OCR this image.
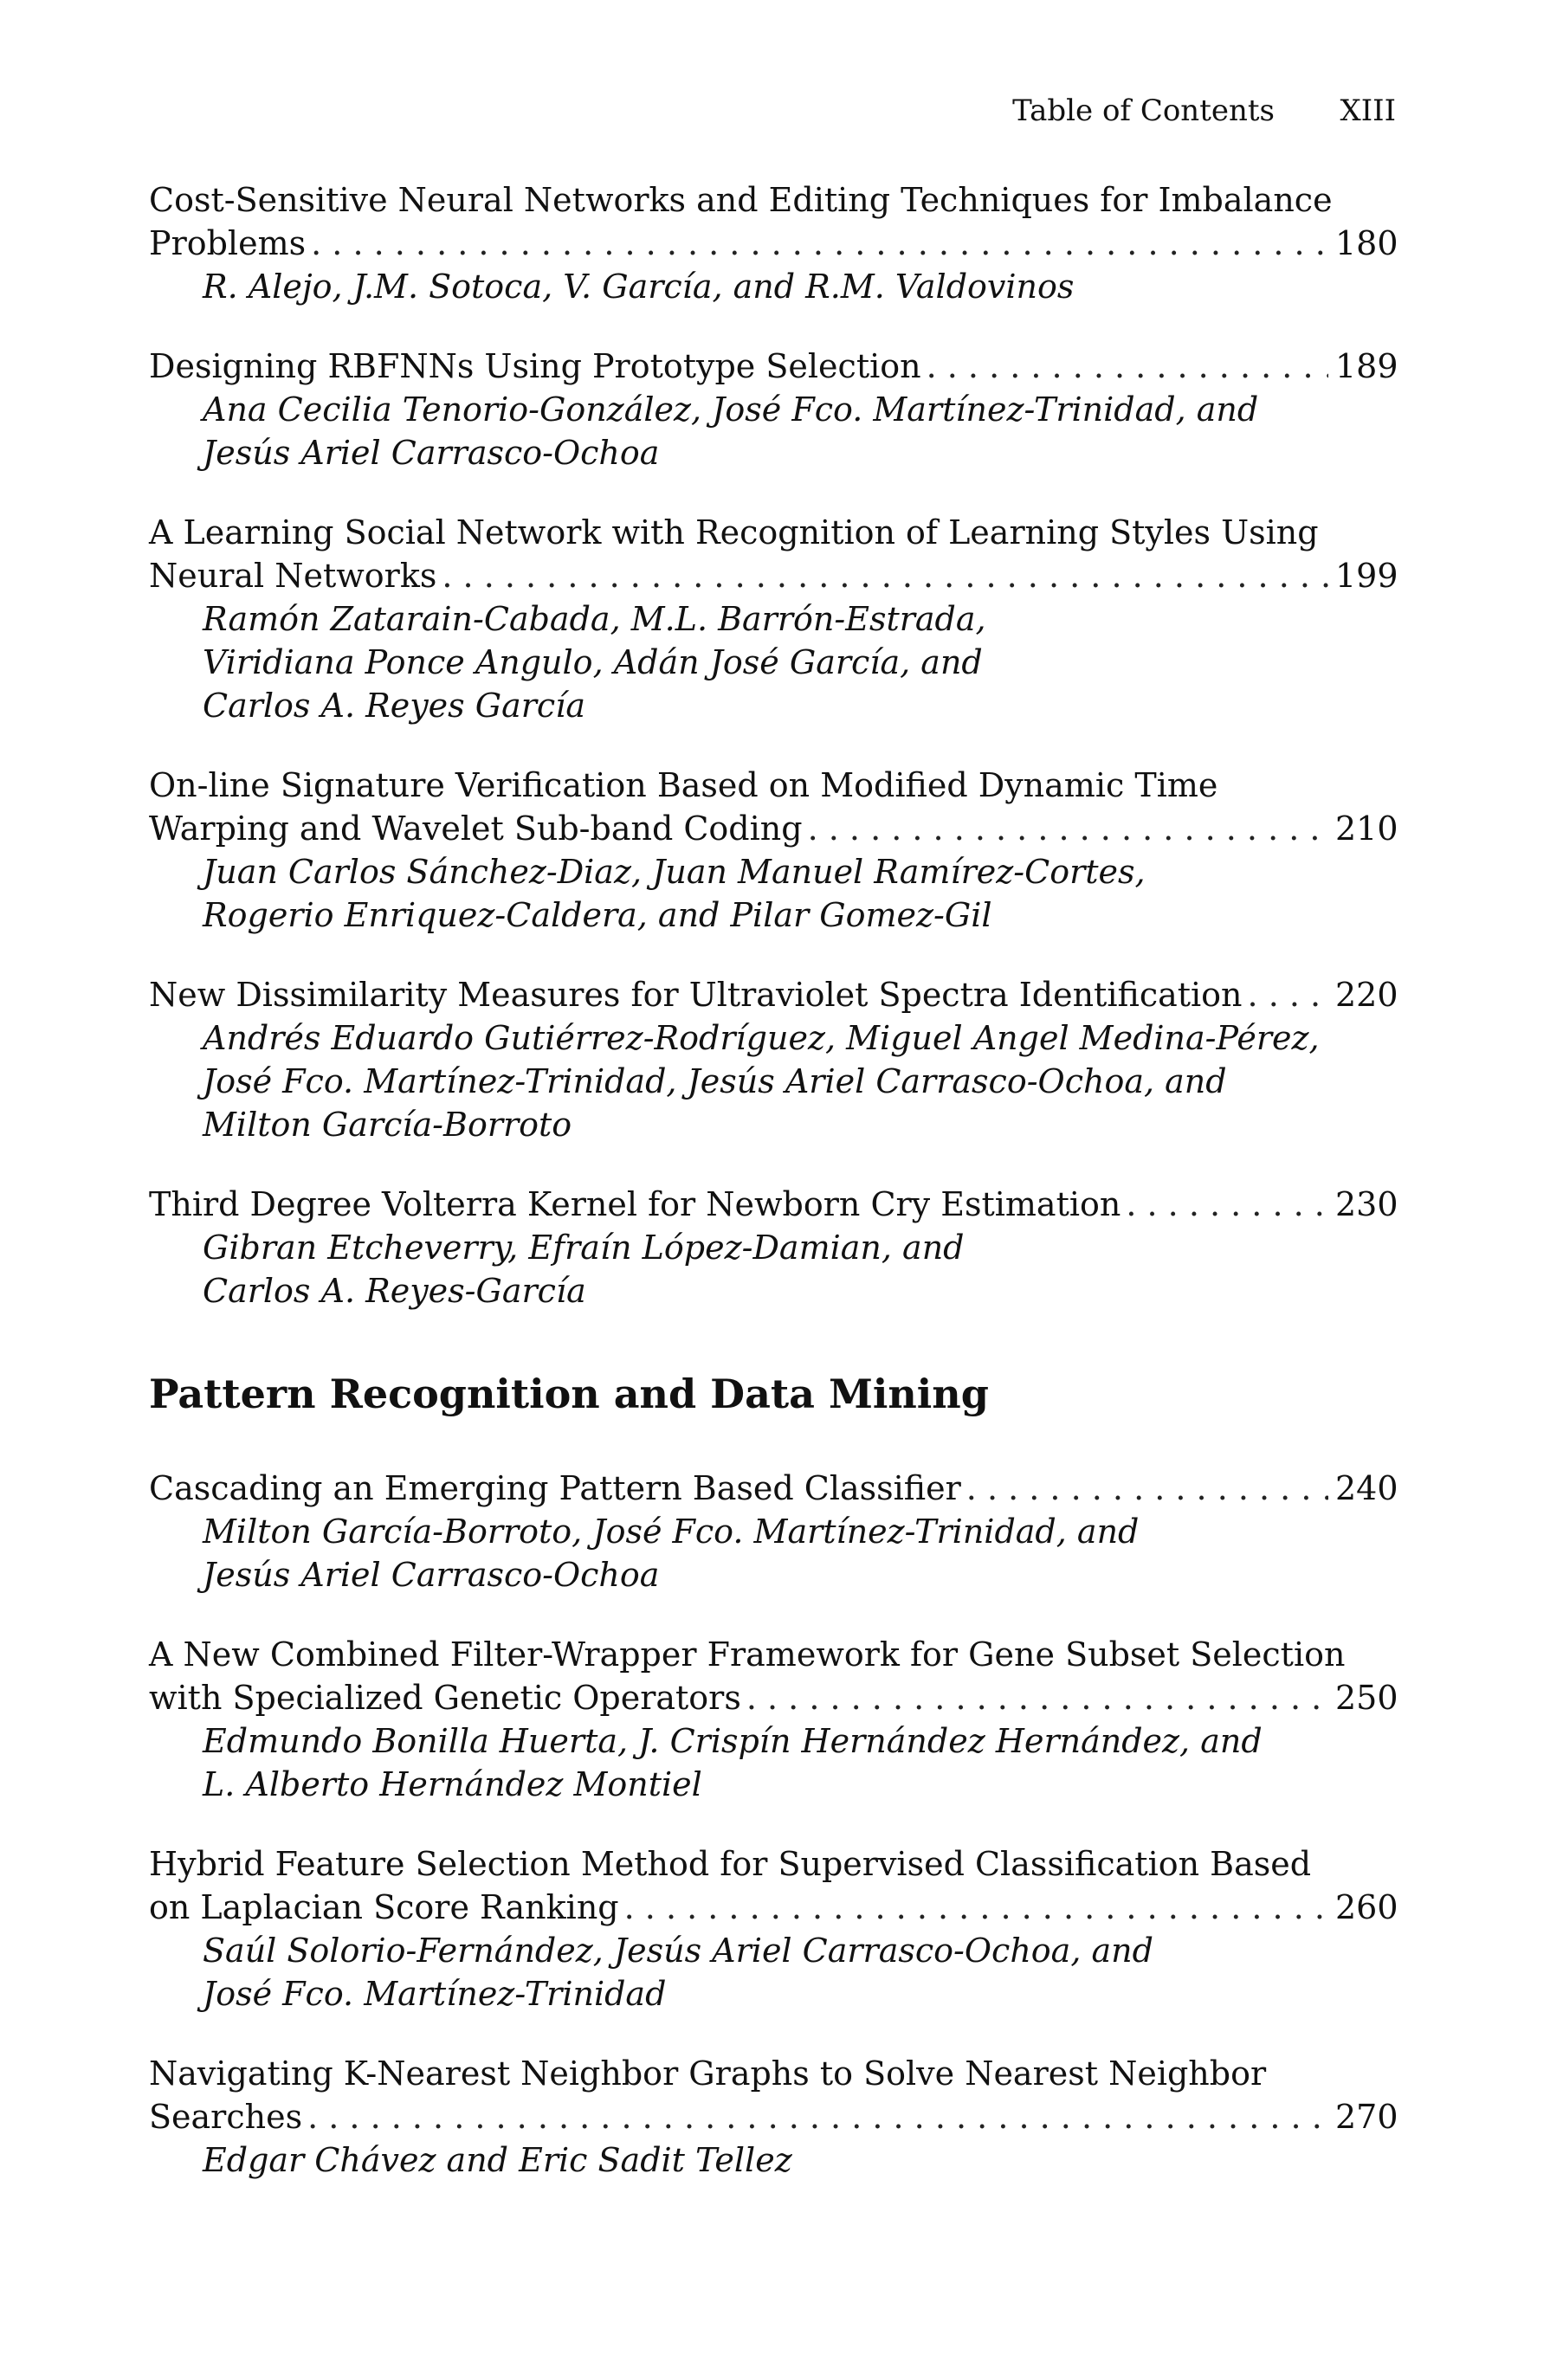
Table of Contents XIII
Cost-Sensitive Neural Networks and Editing Techniques for Imbalance
Problems . . .	180
R. Alejo, J.M. Sotoca, V. García, and R.M. Valdovinos
Designing RBFNNs Using Prototype Selection . . .	189
Ana Cecilia Tenorio-González, José Fco. Martínez-Trinidad, and
Jesús Ariel Carrasco-Ochoa
A Learning Social Network with Recognition of Learning Styles Using
Neural Networks . . .	199
Ramón Zatarain-Cabada, M.L. Barrón-Estrada,
Viridiana Ponce Angulo, Adán José García, and
Carlos A. Reyes García
On-line Signature Verification Based on Modified Dynamic Time
Warping and Wavelet Sub-band Coding . . .	210
Juan Carlos Sánchez-Diaz, Juan Manuel Ramírez-Cortes,
Rogerio Enriquez-Caldera, and Pilar Gomez-Gil
New Dissimilarity Measures for Ultraviolet Spectra Identification . . .	220
Andrés Eduardo Gutiérrez-Rodríguez, Miguel Angel Medina-Pérez,
José Fco. Martínez-Trinidad, Jesús Ariel Carrasco-Ochoa, and
Milton García-Borroto
Third Degree Volterra Kernel for Newborn Cry Estimation . . .	230
Gibran Etcheverry, Efraín López-Damian, and
Carlos A. Reyes-García
Pattern Recognition and Data Mining
Cascading an Emerging Pattern Based Classifier . . .	240
Milton García-Borroto, José Fco. Martínez-Trinidad, and
Jesús Ariel Carrasco-Ochoa
A New Combined Filter-Wrapper Framework for Gene Subset Selection
with Specialized Genetic Operators . . .	250
Edmundo Bonilla Huerta, J. Crispín Hernández Hernández, and
L. Alberto Hernández Montiel
Hybrid Feature Selection Method for Supervised Classification Based
on Laplacian Score Ranking . . .	260
Saúl Solorio-Fernández, Jesús Ariel Carrasco-Ochoa, and
José Fco. Martínez-Trinidad
Navigating K-Nearest Neighbor Graphs to Solve Nearest Neighbor
Searches . . .	270
Edgar Chávez and Eric Sadit Tellez
